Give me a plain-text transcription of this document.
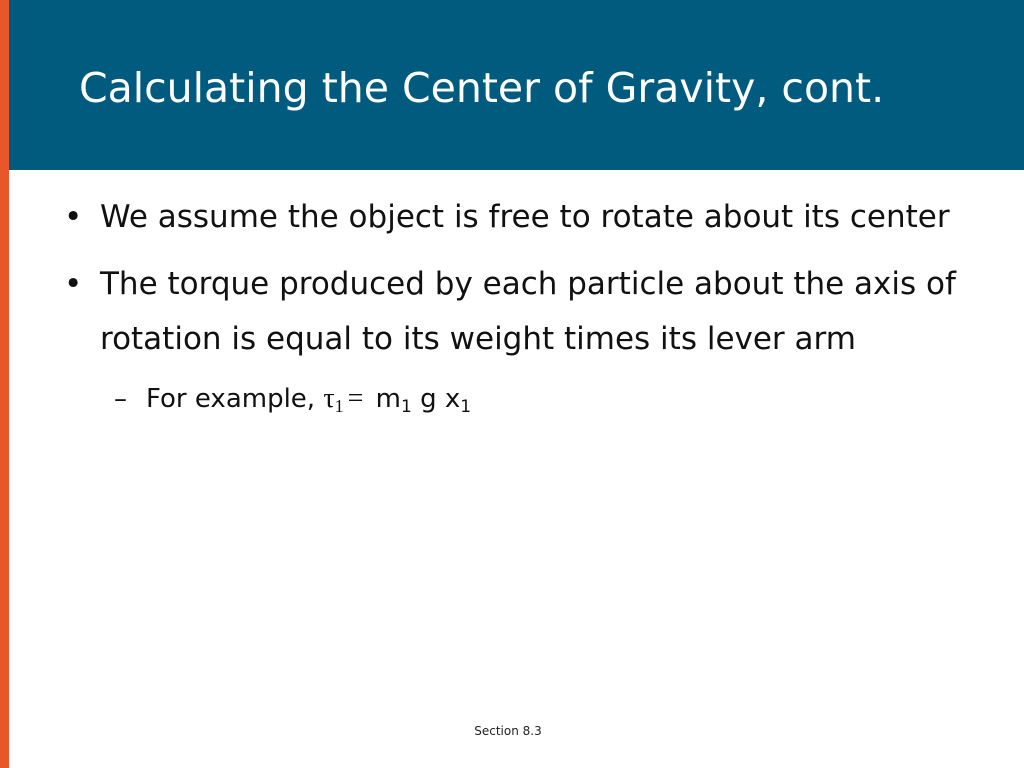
Calculating the Center of Gravity, cont.
• We assume the object is free to rotate about its center
• The torque produced by each particle about the axis of rotation is equal to its weight times its lever arm
– For example, $\tau 1 = m_1$ g $x_1$
Section 8.3
